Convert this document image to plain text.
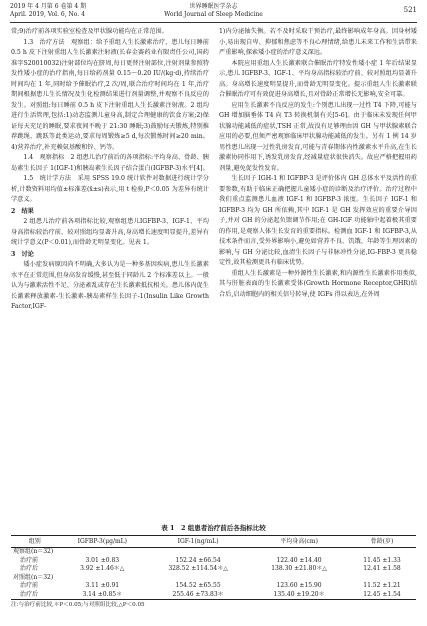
2019 年 4 月第 6 卷第 4 期
April. 2019, Vol. 6, No. 4
世界睡眠医学杂志
World Journal of Sleep Medicine
521

常;9)治疗前各项实验室检查及甲状腺功能均在正常范围。

1.3　治疗方法　观察组：给予重组人生长激素治疗，患儿每日睡前 0.5 h 皮下注射重组人生长激素注射液(长春金赛药业有限责任公司,国药准字S20010032)注射部位均在脐周,每日更替注射部位,注射剂量参照特发性矮小症的治疗指南,每日给药剂量 0.15～0.20 IU/(kg·d),持续治疗时间均在 1 年,同时给予催眠治疗,2 次/周,联合治疗时间均在 1 年,治疗期间根据患儿生长情况及生化检测结果进行剂量调整,并观察不良反应的发生。对照组:每日睡前 0.5 h 皮下注射重组人生长激素注射液。2 组均进行生活管理,包括:1)动态监测儿童身高,制定合理健康的饮食方案;2)保证每天充足的睡眠,要求夜间不晚于 21:30 睡眠;3)鼓励每天锻炼,特别推荐跳绳、跳跃等此类运动,要求每周锻炼≥5 d,每次锻炼时间≥20 min。4)营养治疗,补充赖氨基酸和锌、钙等。

1.4　观察指标　2 组患儿治疗前后的各项指标:平均身高、骨龄、胰岛素生长因子 1(IGF-1)和胰岛素生长因子结合蛋白(IGFBP-3)水平[4]。

1.5　统计学方法　采用 SPSS 19.0 统计软件对数据进行统计学分析,计数资料用均值±标准差(x̄±s)表示,用 t 检验,P＜0.05 为差异有统计学意义。

2　结果

2 组患儿治疗前各项指标比较,观察组患儿IGFBP-3、IGF-1、平均身高指标较治疗前、较对照组均显著升高,身高增长速度明显提升,差异有统计学意义(P＜0.01),而骨龄无明显变化。见表 1。

3　讨论

矮小症发病原因尚不明确,大多认为是一种多基因疾病,患儿生长激素水平在正常范围,但身高发育缓慢,甚至低于同龄儿 2 个标准差以上。一般认为与激素活性不足、分泌紊乱或存在生长激素抵抗相关。患儿体内促生长激素释放激素-生长激素-胰岛素样生长因子-1(Insulin Like Growth Factor,IGF-

1)内分泌轴失衡。若不及时采取干预治疗,最终影响成年身高。因身材矮小,易出现自卑、抑郁和焦虑等不良心理情绪,给患儿未来工作和生活带来严重影响,探索矮小症的治疗意义深远。

本院应用重组人生长激素联合催眠治疗特发性矮小症 1 年后结果显示,患儿 IGFBP-3、IGF-1、平均身高指标较治疗前、较对照组均显著升高。身高增长速度明显提升,而骨龄无明显变化。提示重组人生长激素联合催眠治疗可有效促进身高增长,且对骨龄正常增长无影响,安全可靠。

应用生长激素不良反应的发生:个别患儿出现一过性 T4 下降,可能与 GH 增加脑垂体 T4 向 T3 转换机制有关[5-6]。由于临床未发现任何甲状腺功能减低的症状,TSH 正常,故没有足够理由因 GH 与甲状腺素联合应用的必要,但须严密观察临床甲状腺功能减低的发生。另有 1 例 14 岁男性患儿出现一过性乳房发育,可能与青春期体内性激素水平升高,在生长激素协同作用下,诱发乳房发育,经减量症状很快消失。故应严格把握用药剂量,避免促发性发育。

生长因子 IGH-1 和 IGFBP-3 是评价体内 GH 总体水平及活性的重要参数,有助于临床正确把握儿童矮小症的诊断及治疗评价。治疗过程中我们重点监测患儿血液 IGF-1 和 IGFBP-3 浓度。生长因子 IGF-1 和 IGFBP-3 均为 GH 所依赖,其中 IGF-1 是 GH 发挥效应的重要介导因子,并对 GH 的分泌起负馈调节作用;在 GH-IGF 功能轴中起着极其重要的作用,是观察人体生长发育的重要指标。检测血 IGF-1 和 IGFBP-3,从技术条件而言,受外界影响小,避免如营养不良、饥饿、年龄等生理因素的影响,与 GH 分泌比较,血清生长因子与非脉冲性分泌,IG-FBP-3 更具稳定性,故其检测更具有临床优势。

重组人生长激素是一种外源性生长激素,和内源性生长激素作用类似,其与肝脏表面的生长激素受体(Growth Hormone Receptor,GHR)结合后,启动细胞内的相关信号转导,使 IGFs 得以表达,在外周

表 1　2 组患者治疗前后各指标比较
组别	IGFBP-3(μg/mL)	IGF-1(ng/mL)	平均身高(cm)	骨龄(岁)
观察组(n＝32)				
治疗前	3.01 ±0.83	152.24 ±66.54	122.40 ±14.40	11.45 ±1.33
治疗后	3.92 ±1.46＊△	328.52 ±114.54＊△	138.30 ±21.80＊△	12.41 ±1.58
对照组(n＝32)				
治疗前	3.11 ±0.91	154.52 ±65.55	123.60 ±15.90	11.52 ±1.21
治疗后	3.14 ±0.85＊	255.46 ±73.83＊	135.40 ±19.20＊	12.45 ±1.54
注:与治疗前比较,＊P＜0.05;与对照组比较,△P＜0.05
